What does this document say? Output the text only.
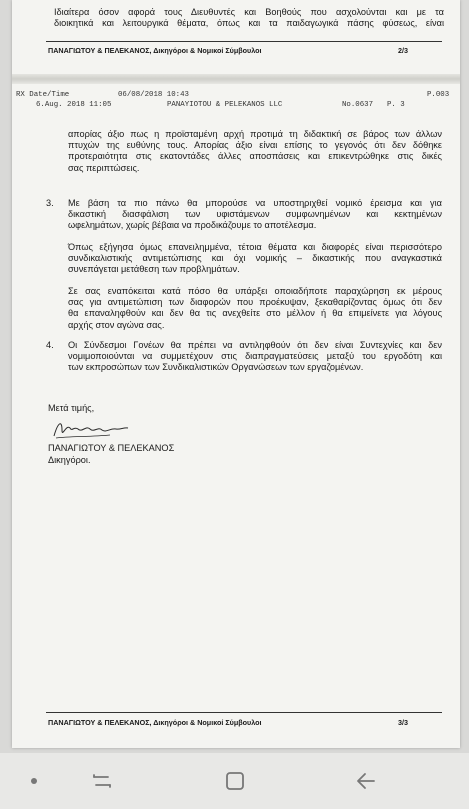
Ιδιαίτερα όσον αφορά τους Διευθυντές και Βοηθούς που ασχολούνται και με τα
διοικητικά και λειτουργικά θέματα, όπως και τα παιδαγωγικά πάσης φύσεως, είναι
ΠΑΝΑΓΙΩΤΟΥ & ΠΕΛΕΚΑΝΟΣ, Δικηγόροι & Νομικοί Σύμβουλοι	2/3
RX Date/Time	06/08/2018 10:43	P.003
6.Aug. 2018 11:05	PANAYIOTOU & PELEKANOS LLC	No.0637 P. 3
απορίας άξιο πως η προϊσταμένη αρχή προτιμά τη διδακτική σε βάρος των άλλων
πτυχών της ευθύνης τους. Απορίας άξιο είναι επίσης το γεγονός ότι δεν δόθηκε
προτεραιότητα στις εκατοντάδες άλλες αποσπάσεις και επικεντρώθηκε στις δικές
σας περιπτώσεις.
3. Με βάση τα πιο πάνω θα μπορούσε να υποστηριχθεί νομικό έρεισμα και για
δικαστική διασφάλιση των υφιστάμενων συμφωνημένων και κεκτημένων
ωφελημάτων, χωρίς βέβαια να προδικάζουμε το αποτέλεσμα.
Όπως εξήγησα όμως επανειλημμένα, τέτοια θέματα και διαφορές είναι περισσότερο
συνδικαλιστικής αντιμετώπισης και όχι νομικής – δικαστικής που αναγκαστικά
συνεπάγεται μετάθεση των προβλημάτων.
Σε σας εναπόκειται κατά πόσο θα υπάρξει οποιαδήποτε παραχώρηση εκ μέρους
σας για αντιμετώπιση των διαφορών που προέκυψαν, ξεκαθαρίζοντας όμως ότι δεν
θα επαναληφθούν και δεν θα τις ανεχθείτε στο μέλλον ή θα επιμείνετε για λόγους
αρχής στον αγώνα σας.
4. Οι Σύνδεσμοι Γονέων θα πρέπει να αντιληφθούν ότι δεν είναι Συντεχνίες και δεν
νομιμοποιούνται να συμμετέχουν στις διαπραγματεύσεις μεταξύ του εργοδότη και
των εκπροσώπων των Συνδικαλιστικών Οργανώσεων των εργαζομένων.
Μετά τιμής,
ΠΑΝΑΓΙΩΤΟΥ & ΠΕΛΕΚΑΝΟΣ
Δικηγόροι.
ΠΑΝΑΓΙΩΤΟΥ & ΠΕΛΕΚΑΝΟΣ, Δικηγόροι & Νομικοί Σύμβουλοι	3/3
